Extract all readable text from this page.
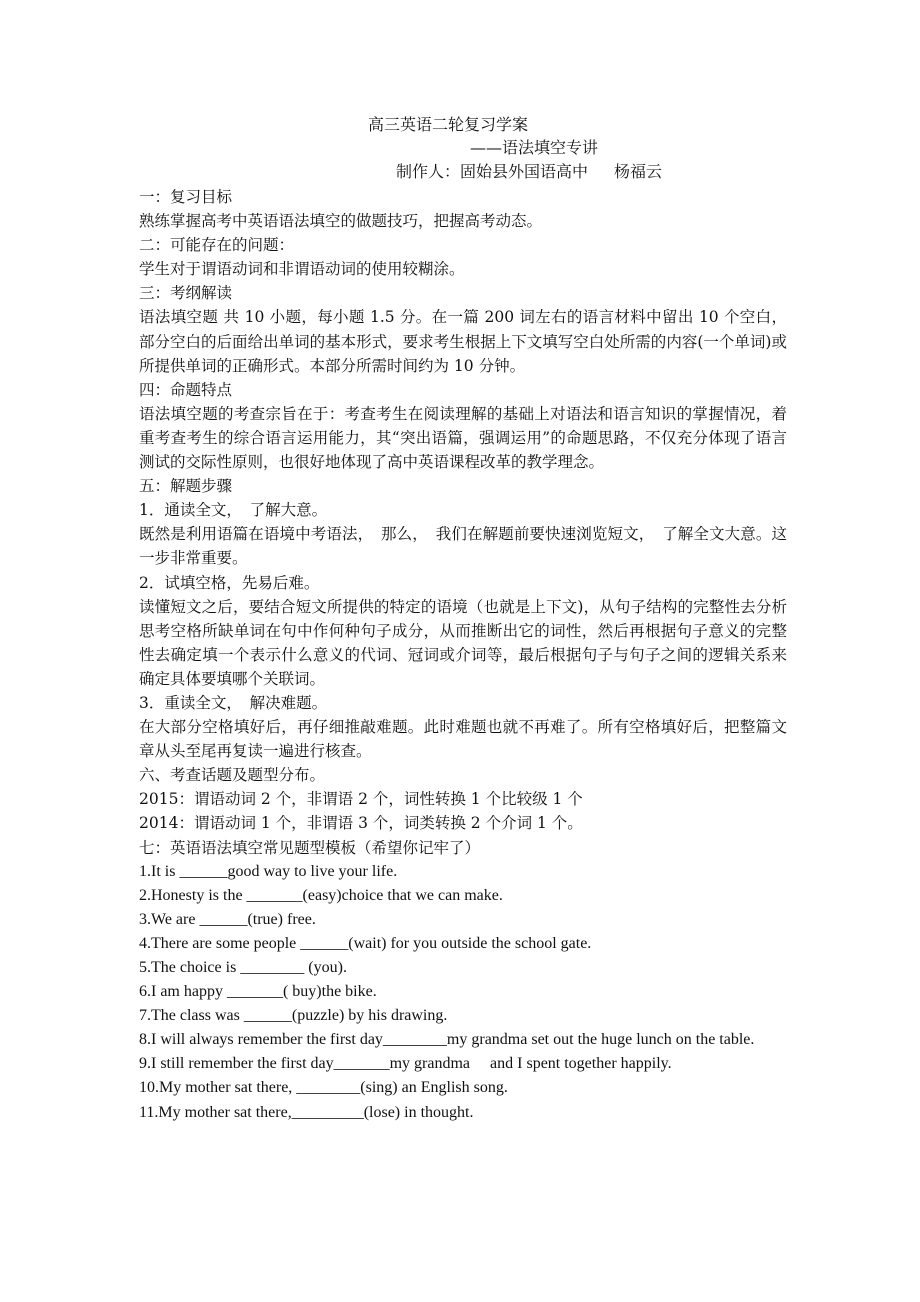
高三英语二轮复习学案
——语法填空专讲
制作人：固始县外国语高中 杨福云

一：复习目标

熟练掌握高考中英语语法填空的做题技巧，把握高考动态。

二：可能存在的问题：

学生对于谓语动词和非谓语动词的使用较糊涂。

三：考纲解读

语法填空题 共 10 小题，每小题 1.5 分。在一篇 200 词左右的语言材料中留出 10 个空白，部分空白的后面给出单词的基本形式，要求考生根据上下文填写空白处所需的内容(一个单词)或所提供单词的正确形式。本部分所需时间约为 10 分钟。

四：命题特点

语法填空题的考查宗旨在于：考查考生在阅读理解的基础上对语法和语言知识的掌握情况，着重考查考生的综合语言运用能力，其“突出语篇，强调运用”的命题思路，不仅充分体现了语言测试的交际性原则，也很好地体现了高中英语课程改革的教学理念。

五：解题步骤

1．通读全文，　了解大意。

既然是利用语篇在语境中考语法，　那么，　我们在解题前要快速浏览短文，　了解全文大意。这一步非常重要。

2．试填空格，先易后难。

读懂短文之后，要结合短文所提供的特定的语境（也就是上下文)，从句子结构的完整性去分析思考空格所缺单词在句中作何种句子成分，从而推断出它的词性，然后再根据句子意义的完整性去确定填一个表示什么意义的代词、冠词或介词等，最后根据句子与句子之间的逻辑关系来确定具体要填哪个关联词。

3．重读全文，　解决难题。

在大部分空格填好后，再仔细推敲难题。此时难题也就不再难了。所有空格填好后，把整篇文章从头至尾再复读一遍进行核查。

六、考查话题及题型分布。

2015：谓语动词 2 个，非谓语 2 个，词性转换 1 个比较级 1 个

2014：谓语动词 1 个，非谓语 3 个，词类转换 2 个介词 1 个。

七：英语语法填空常见题型模板（希望你记牢了）

1.It is ______good way to live your life.

2.Honesty is the _______(easy)choice that we can make.

3.We are ______(true) free.

4.There are some people ______(wait) for you outside the school gate.

5.The choice is ________ (you).

6.I am happy _______( buy)the bike.

7.The class was ______(puzzle) by his drawing.

8.I will always remember the first day________my grandma set out the huge lunch on the table.

9.I still remember the first day_______my grandma　 and I spent together happily.

10.My mother sat there, ________(sing) an English song.

11.My mother sat there,_________(lose) in thought.
